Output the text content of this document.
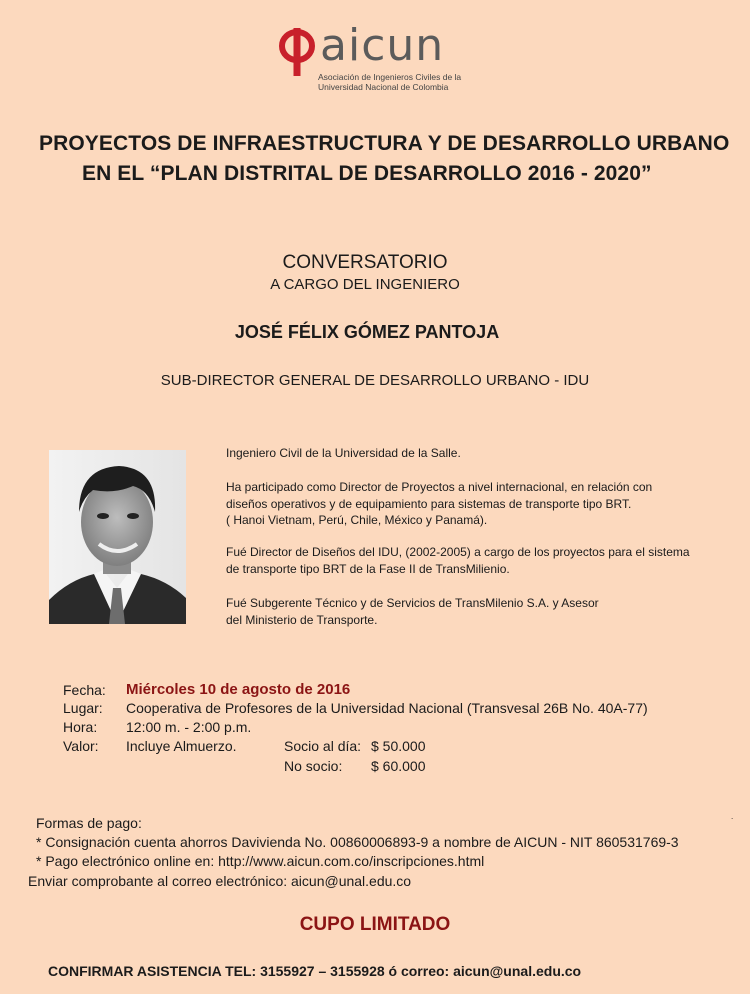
aicun
Asociación de Ingenieros Civiles de la
Universidad Nacional de Colombia
PROYECTOS DE INFRAESTRUCTURA Y DE DESARROLLO URBANO
EN EL “PLAN DISTRITAL DE DESARROLLO 2016 - 2020”
CONVERSATORIO
A CARGO DEL INGENIERO
JOSÉ FÉLIX GÓMEZ PANTOJA
SUB-DIRECTOR GENERAL DE DESARROLLO URBANO - IDU
Ingeniero Civil de la Universidad de la Salle.
Ha participado como Director de Proyectos a nivel internacional, en relación con
diseños operativos y de equipamiento para sistemas de transporte tipo BRT.
( Hanoi Vietnam, Perú, Chile, México y Panamá).
Fué Director de Diseños del IDU, (2002-2005) a cargo de los proyectos para el sistema
de transporte tipo BRT de la Fase II de TransMilienio.
Fué Subgerente Técnico y de Servicios de TransMilenio S.A. y Asesor
del Ministerio de Transporte.
Fecha: Miércoles 10 de agosto de 2016
Lugar: Cooperativa de Profesores de la Universidad Nacional (Transvesal 26B No. 40A-77)
Hora: 12:00 m. - 2:00 p.m.
Valor: Incluye Almuerzo.	Socio al día: $ 50.000
No socio: $ 60.000
Formas de pago:
* Consignación cuenta ahorros Davivienda No. 00860006893-9 a nombre de AICUN - NIT 860531769-3
* Pago electrónico online en: http://www.aicun.com.co/inscripciones.html
Enviar comprobante al correo electrónico: aicun@unal.edu.co
.
CUPO LIMITADO
CONFIRMAR ASISTENCIA TEL: 3155927 – 3155928 ó correo: aicun@unal.edu.co
